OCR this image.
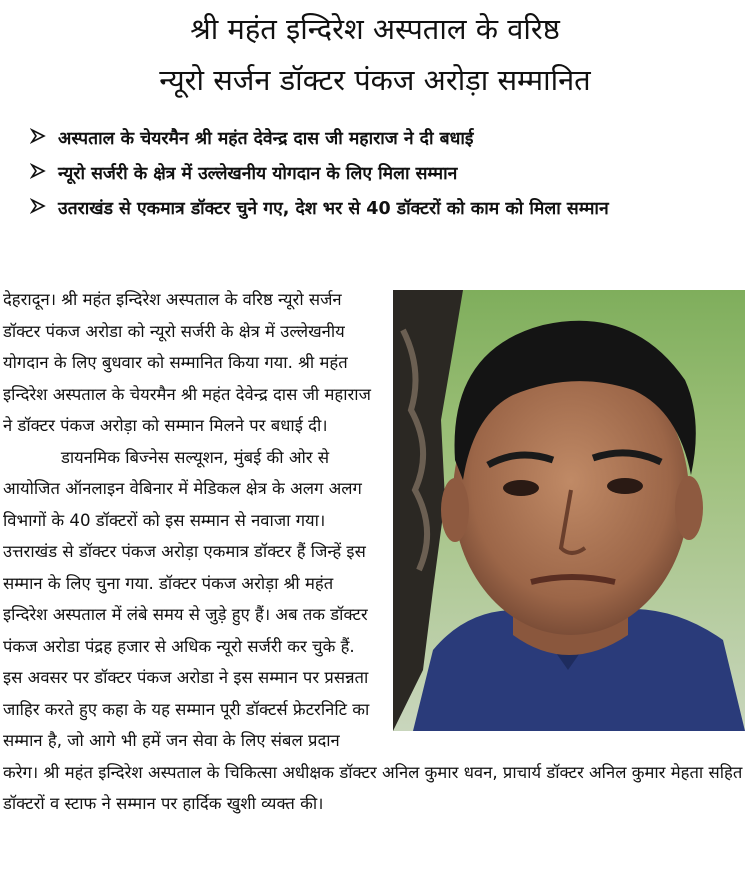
श्री महंत इन्दिरेश अस्पताल के वरिष्ठ
न्यूरो सर्जन डॉक्टर पंकज अरोड़ा सम्मानित
अस्पताल के चेयरमैन श्री महंत देवेन्द्र दास जी महाराज ने दी बधाई
न्यूरो सर्जरी के क्षेत्र में उल्लेखनीय योगदान के लिए मिला सम्मान
उतराखंड से एकमात्र डॉक्टर चुने गए, देश भर से 40 डॉक्टरों को काम को मिला सम्मान

देहरादून। श्री महंत इन्दिरेश अस्पताल के वरिष्ठ न्यूरो सर्जन डॉक्टर पंकज अरोडा को न्यूरो सर्जरी के क्षेत्र में उल्लेखनीय योगदान के लिए बुधवार को सम्मानित किया गया. श्री महंत इन्दिरेश अस्पताल के चेयरमैन श्री महंत देवेन्द्र दास जी महाराज ने डॉक्टर पंकज अरोड़ा को सम्मान मिलने पर बधाई दी।

डायनमिक बिज्नेस सल्यूशन, मुंबई की ओर से आयोजित ऑनलाइन वेबिनार में मेडिकल क्षेत्र के अलग अलग विभागों के 40 डॉक्टरों को इस सम्मान से नवाजा गया। उत्तराखंड से डॉक्टर पंकज अरोड़ा एकमात्र डॉक्टर हैं जिन्हें इस सम्मान के लिए चुना गया. डॉक्टर पंकज अरोड़ा श्री महंत इन्दिरेश अस्पताल में लंबे समय से जुड़े हुए हैं। अब तक डॉक्टर पंकज अरोडा पंद्रह हजार से अधिक न्यूरो सर्जरी कर चुके हैं. इस अवसर पर डॉक्टर पंकज अरोडा ने इस सम्मान पर प्रसन्नता जाहिर करते हुए कहा के यह सम्मान पूरी डॉक्टर्स फ्रेटरनिटि का सम्मान है, जो आगे भी हमें जन सेवा के लिए संबल प्रदान करेग। श्री महंत इन्दिरेश अस्पताल के चिकित्सा अधीक्षक डॉक्टर अनिल कुमार धवन, प्राचार्य डॉक्टर अनिल कुमार मेहता सहित डॉक्टरों व स्टाफ ने सम्मान पर हार्दिक खुशी व्यक्त की।
